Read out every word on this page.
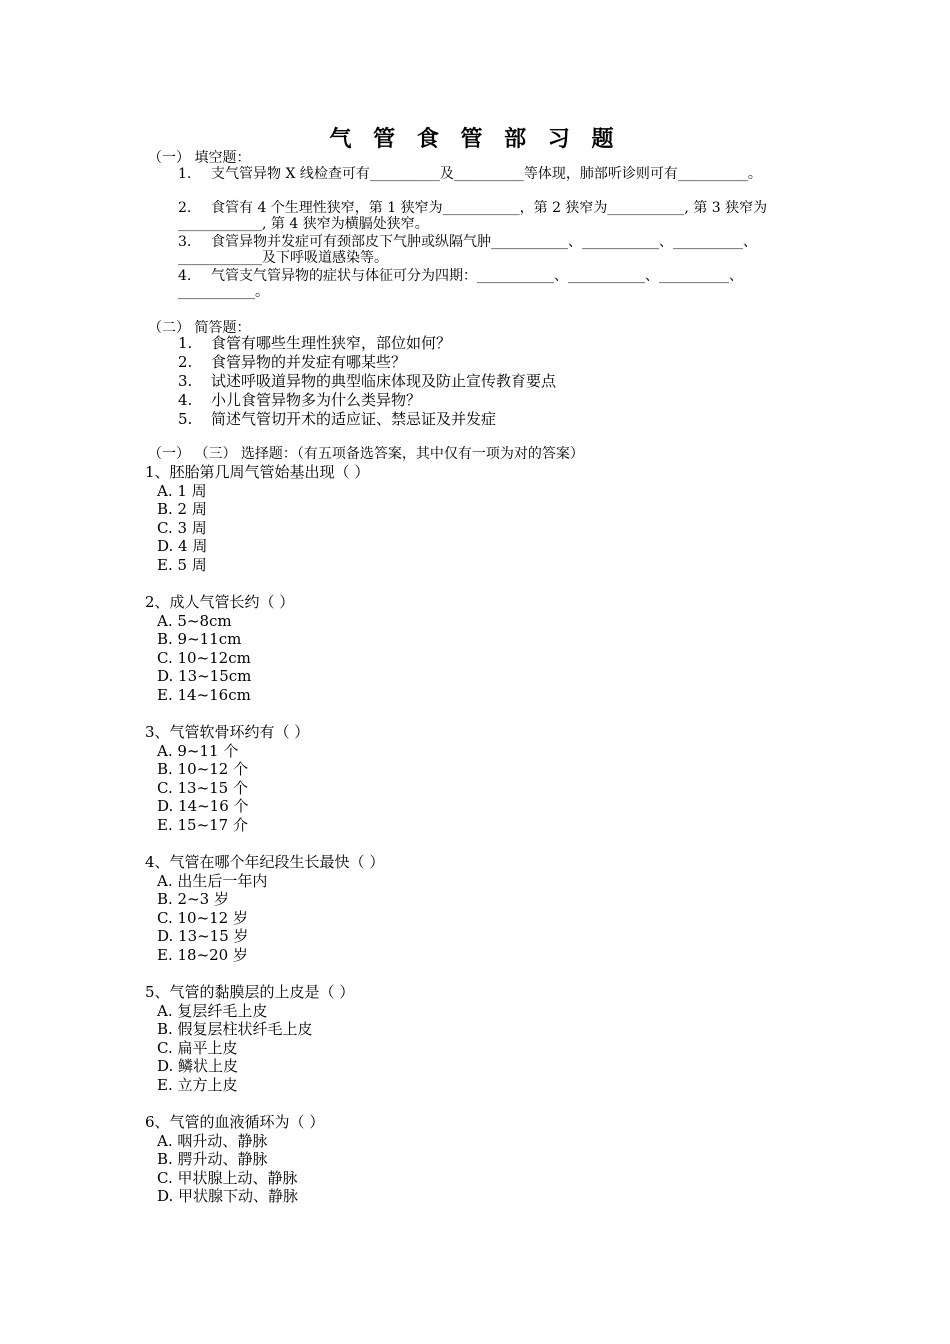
气 管 食 管 部 习 题
（一） 填空题：
1. 支气管异物 X 线检查可有__________及__________等体现，肺部听诊则可有__________。
2. 食管有 4 个生理性狭窄，第 1 狭窄为___________，第 2 狭窄为___________, 第 3 狭窄为____________, 第 4 狭窄为横膈处狭窄。
3. 食管异物并发症可有颈部皮下气肿或纵隔气肿___________、___________、__________、____________及下呼吸道感染等。
4. 气管支气管异物的症状与体征可分为四期：___________、___________、__________、___________。
（二） 简答题：
1. 食管有哪些生理性狭窄，部位如何？
2. 食管异物的并发症有哪某些？
3. 试述呼吸道异物的典型临床体现及防止宣传教育要点
4. 小儿食管异物多为什么类异物？
5. 简述气管切开术的适应证、禁忌证及并发症
（一） （三） 选择题：（有五项备选答案，其中仅有一项为对的答案）
1、胚胎第几周气管始基出现（ ）
A. 1 周
B. 2 周
C. 3 周
D. 4 周
E. 5 周
2、成人气管长约（ ）
A. 5~8cm
B. 9~11cm
C. 10~12cm
D. 13~15cm
E. 14~16cm
3、气管软骨环约有（ ）
A. 9~11 个
B. 10~12 个
C. 13~15 个
D. 14~16 个
E. 15~17 介
4、气管在哪个年纪段生长最快（ ）
A. 出生后一年内
B. 2~3 岁
C. 10~12 岁
D. 13~15 岁
E. 18~20 岁
5、气管的黏膜层的上皮是（ ）
A. 复层纤毛上皮
B. 假复层柱状纤毛上皮
C. 扁平上皮
D. 鳞状上皮
E. 立方上皮
6、气管的血液循环为（ ）
A. 咽升动、静脉
B. 腭升动、静脉
C. 甲状腺上动、静脉
D. 甲状腺下动、静脉
